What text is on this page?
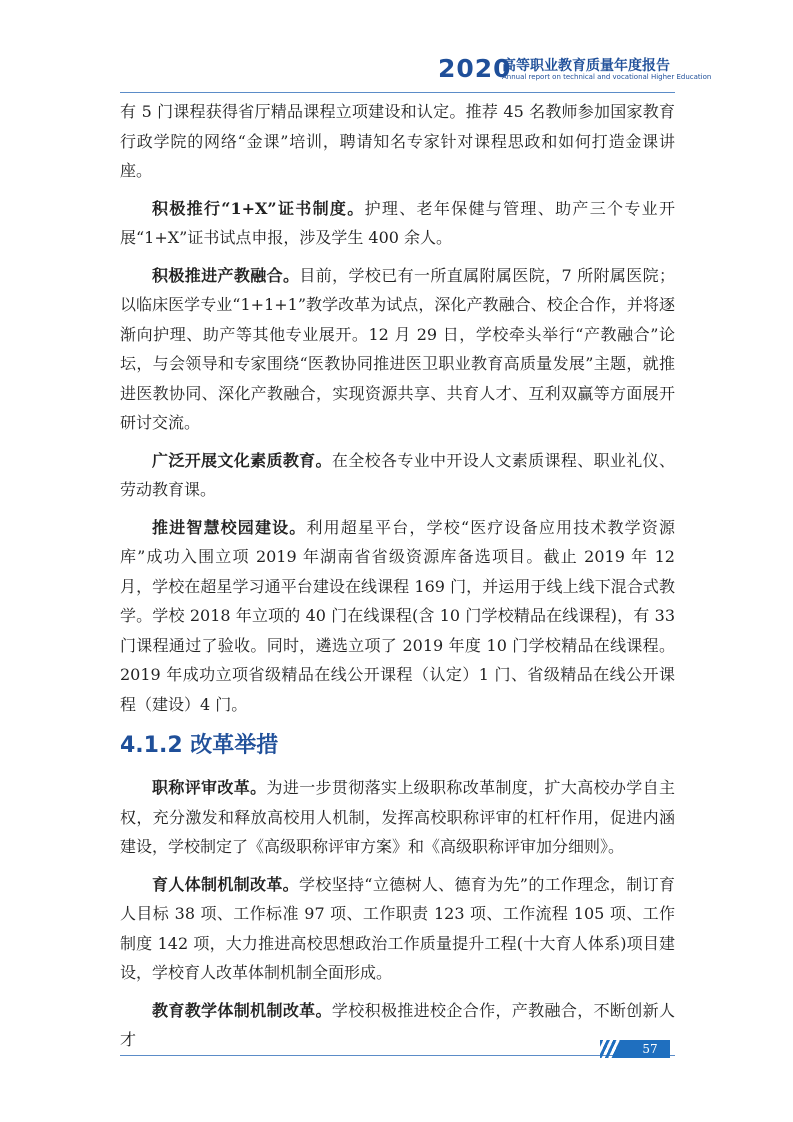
2020
高等职业教育质量年度报告
Annual report on technical and vocational Higher Education

有 5 门课程获得省厅精品课程立项建设和认定。推荐 45 名教师参加国家教育行政学院的网络“金课”培训，聘请知名专家针对课程思政和如何打造金课讲座。

积极推行“1+X”证书制度。护理、老年保健与管理、助产三个专业开展“1+X”证书试点申报，涉及学生 400 余人。

积极推进产教融合。目前，学校已有一所直属附属医院，7 所附属医院；以临床医学专业“1+1+1”教学改革为试点，深化产教融合、校企合作，并将逐渐向护理、助产等其他专业展开。12 月 29 日，学校牵头举行“产教融合”论坛，与会领导和专家围绕“医教协同推进医卫职业教育高质量发展”主题，就推进医教协同、深化产教融合，实现资源共享、共育人才、互利双赢等方面展开研讨交流。

广泛开展文化素质教育。在全校各专业中开设人文素质课程、职业礼仪、劳动教育课。

推进智慧校园建设。利用超星平台，学校“医疗设备应用技术教学资源库”成功入围立项 2019 年湖南省省级资源库备选项目。截止 2019 年 12 月，学校在超星学习通平台建设在线课程 169 门，并运用于线上线下混合式教学。学校 2018 年立项的 40 门在线课程(含 10 门学校精品在线课程)，有 33 门课程通过了验收。同时，遴选立项了 2019 年度 10 门学校精品在线课程。2019 年成功立项省级精品在线公开课程（认定）1 门、省级精品在线公开课程（建设）4 门。

4.1.2 改革举措

职称评审改革。为进一步贯彻落实上级职称改革制度，扩大高校办学自主权，充分激发和释放高校用人机制，发挥高校职称评审的杠杆作用，促进内涵建设，学校制定了《高级职称评审方案》和《高级职称评审加分细则》。

育人体制机制改革。学校坚持“立德树人、德育为先”的工作理念，制订育人目标 38 项、工作标准 97 项、工作职责 123 项、工作流程 105 项、工作制度 142 项，大力推进高校思想政治工作质量提升工程(十大育人体系)项目建设，学校育人改革体制机制全面形成。

教育教学体制机制改革。学校积极推进校企合作，产教融合，不断创新人才	57
